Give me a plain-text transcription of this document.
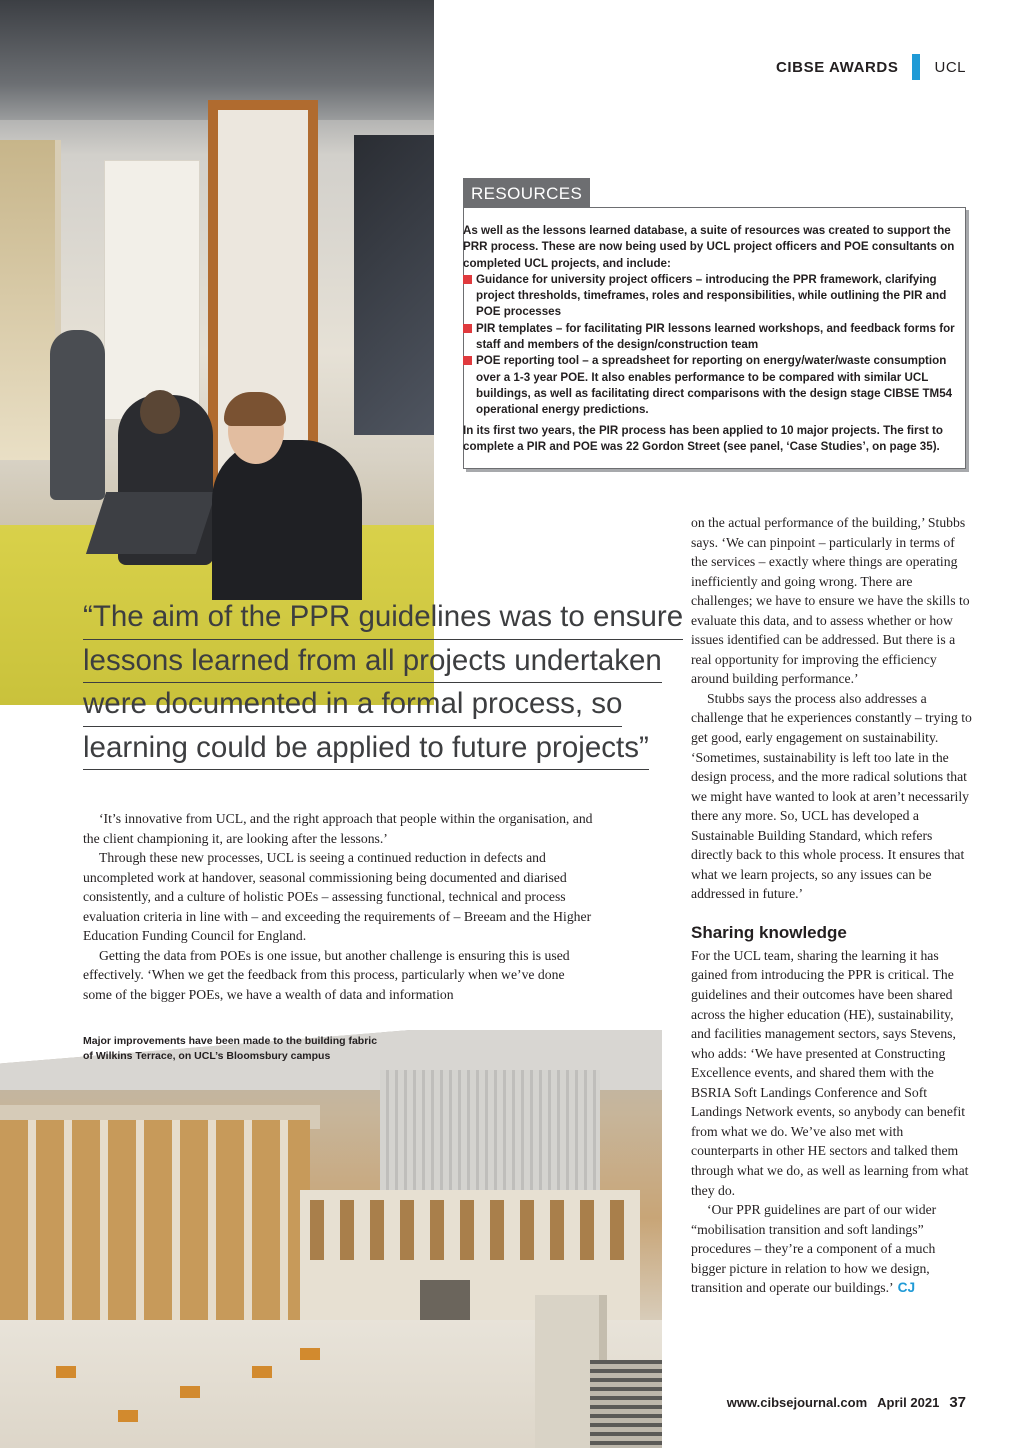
CIBSE AWARDS UCL
RESOURCES

As well as the lessons learned database, a suite of resources was created to support the PRR process. These are now being used by UCL project officers and POE consultants on completed UCL projects, and include:

Guidance for university project officers – introducing the PPR framework, clarifying project thresholds, timeframes, roles and responsibilities, while outlining the PIR and POE processes
PIR templates – for facilitating PIR lessons learned workshops, and feedback forms for staff and members of the design/construction team
POE reporting tool – a spreadsheet for reporting on energy/water/waste consumption over a 1-3 year POE. It also enables performance to be compared with similar UCL buildings, as well as facilitating direct comparisons with the design stage CIBSE TM54 operational energy predictions.

In its first two years, the PIR process has been applied to 10 major projects. The first to complete a PIR and POE was 22 Gordon Street (see panel, ‘Case Studies’, on page 35).

“The aim of the PPR guidelines was to ensure
lessons learned from all projects undertaken
were documented in a formal process, so
learning could be applied to future projects”

‘It’s innovative from UCL, and the right approach that people within the organisation, and the client championing it, are looking after the lessons.’

Through these new processes, UCL is seeing a continued reduction in defects and uncompleted work at handover, seasonal commissioning being documented and diarised consistently, and a culture of holistic POEs – assessing functional, technical and process evaluation criteria in line with – and exceeding the requirements of – Breeam and the Higher Education Funding Council for England.

Getting the data from POEs is one issue, but another challenge is ensuring this is used effectively. ‘When we get the feedback from this process, particularly when we’ve done some of the bigger POEs, we have a wealth of data and information

on the actual performance of the building,’ Stubbs says. ‘We can pinpoint – particularly in terms of the services – exactly where things are operating inefficiently and going wrong. There are challenges; we have to ensure we have the skills to evaluate this data, and to assess whether or how issues identified can be addressed. But there is a real opportunity for improving the efficiency around building performance.’

Stubbs says the process also addresses a challenge that he experiences constantly – trying to get good, early engagement on sustainability. ‘Sometimes, sustainability is left too late in the design process, and the more radical solutions that we might have wanted to look at aren’t necessarily there any more. So, UCL has developed a Sustainable Building Standard, which refers directly back to this whole process. It ensures that what we learn projects, so any issues can be addressed in future.’

Sharing knowledge

For the UCL team, sharing the learning it has gained from introducing the PPR is critical. The guidelines and their outcomes have been shared across the higher education (HE), sustainability, and facilities management sectors, says Stevens, who adds: ‘We have presented at Constructing Excellence events, and shared them with the BSRIA Soft Landings Conference and Soft Landings Network events, so anybody can benefit from what we do. We’ve also met with counterparts in other HE sectors and talked them through what we do, as well as learning from what they do.

‘Our PPR guidelines are part of our wider “mobilisation transition and soft landings” procedures – they’re a component of a much bigger picture in relation to how we design, transition and operate our buildings.’ CJ

Major improvements have been made to the building fabric of Wilkins Terrace, on UCL’s Bloomsbury campus
www.cibsejournal.com April 2021 37
